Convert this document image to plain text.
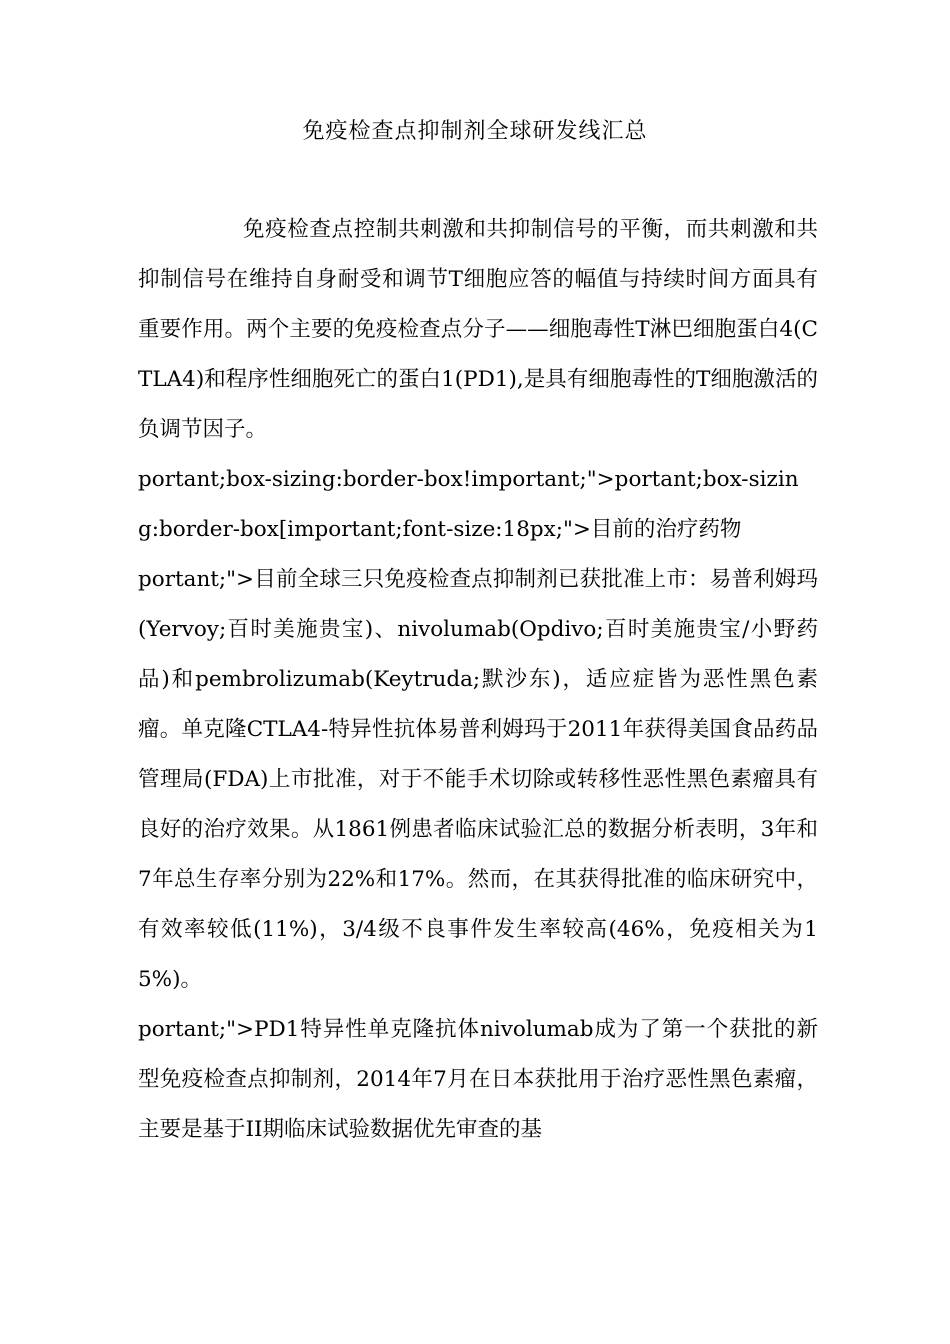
免疫检查点抑制剂全球研发线汇总

免疫检查点控制共刺激和共抑制信号的平衡，而共刺激和共抑制信号在维持自身耐受和调节T细胞应答的幅值与持续时间方面具有重要作用。两个主要的免疫检查点分子——细胞毒性T淋巴细胞蛋白4(CTLA4)和程序性细胞死亡的蛋白1(PD1),是具有细胞毒性的T细胞激活的负调节因子。

portant;box-sizing:border-box!important;">portant;box-sizing:border-box[important;font-size:18px;">目前的治疗药物

portant;">目前全球三只免疫检查点抑制剂已获批准上市：易普利姆玛(Yervoy;百时美施贵宝)、nivolumab(Opdivo;百时美施贵宝/小野药品)和pembrolizumab(Keytruda;默沙东)，适应症皆为恶性黑色素瘤。单克隆CTLA4-特异性抗体易普利姆玛于2011年获得美国食品药品管理局(FDA)上市批准，对于不能手术切除或转移性恶性黑色素瘤具有良好的治疗效果。从1861例患者临床试验汇总的数据分析表明，3年和7年总生存率分别为22%和17%。然而，在其获得批准的临床研究中，有效率较低(11%)，3/4级不良事件发生率较高(46%，免疫相关为15%)。

portant;">PD1特异性单克隆抗体nivolumab成为了第一个获批的新型免疫检查点抑制剂，2014年7月在日本获批用于治疗恶性黑色素瘤，主要是基于II期临床试验数据优先审查的基
